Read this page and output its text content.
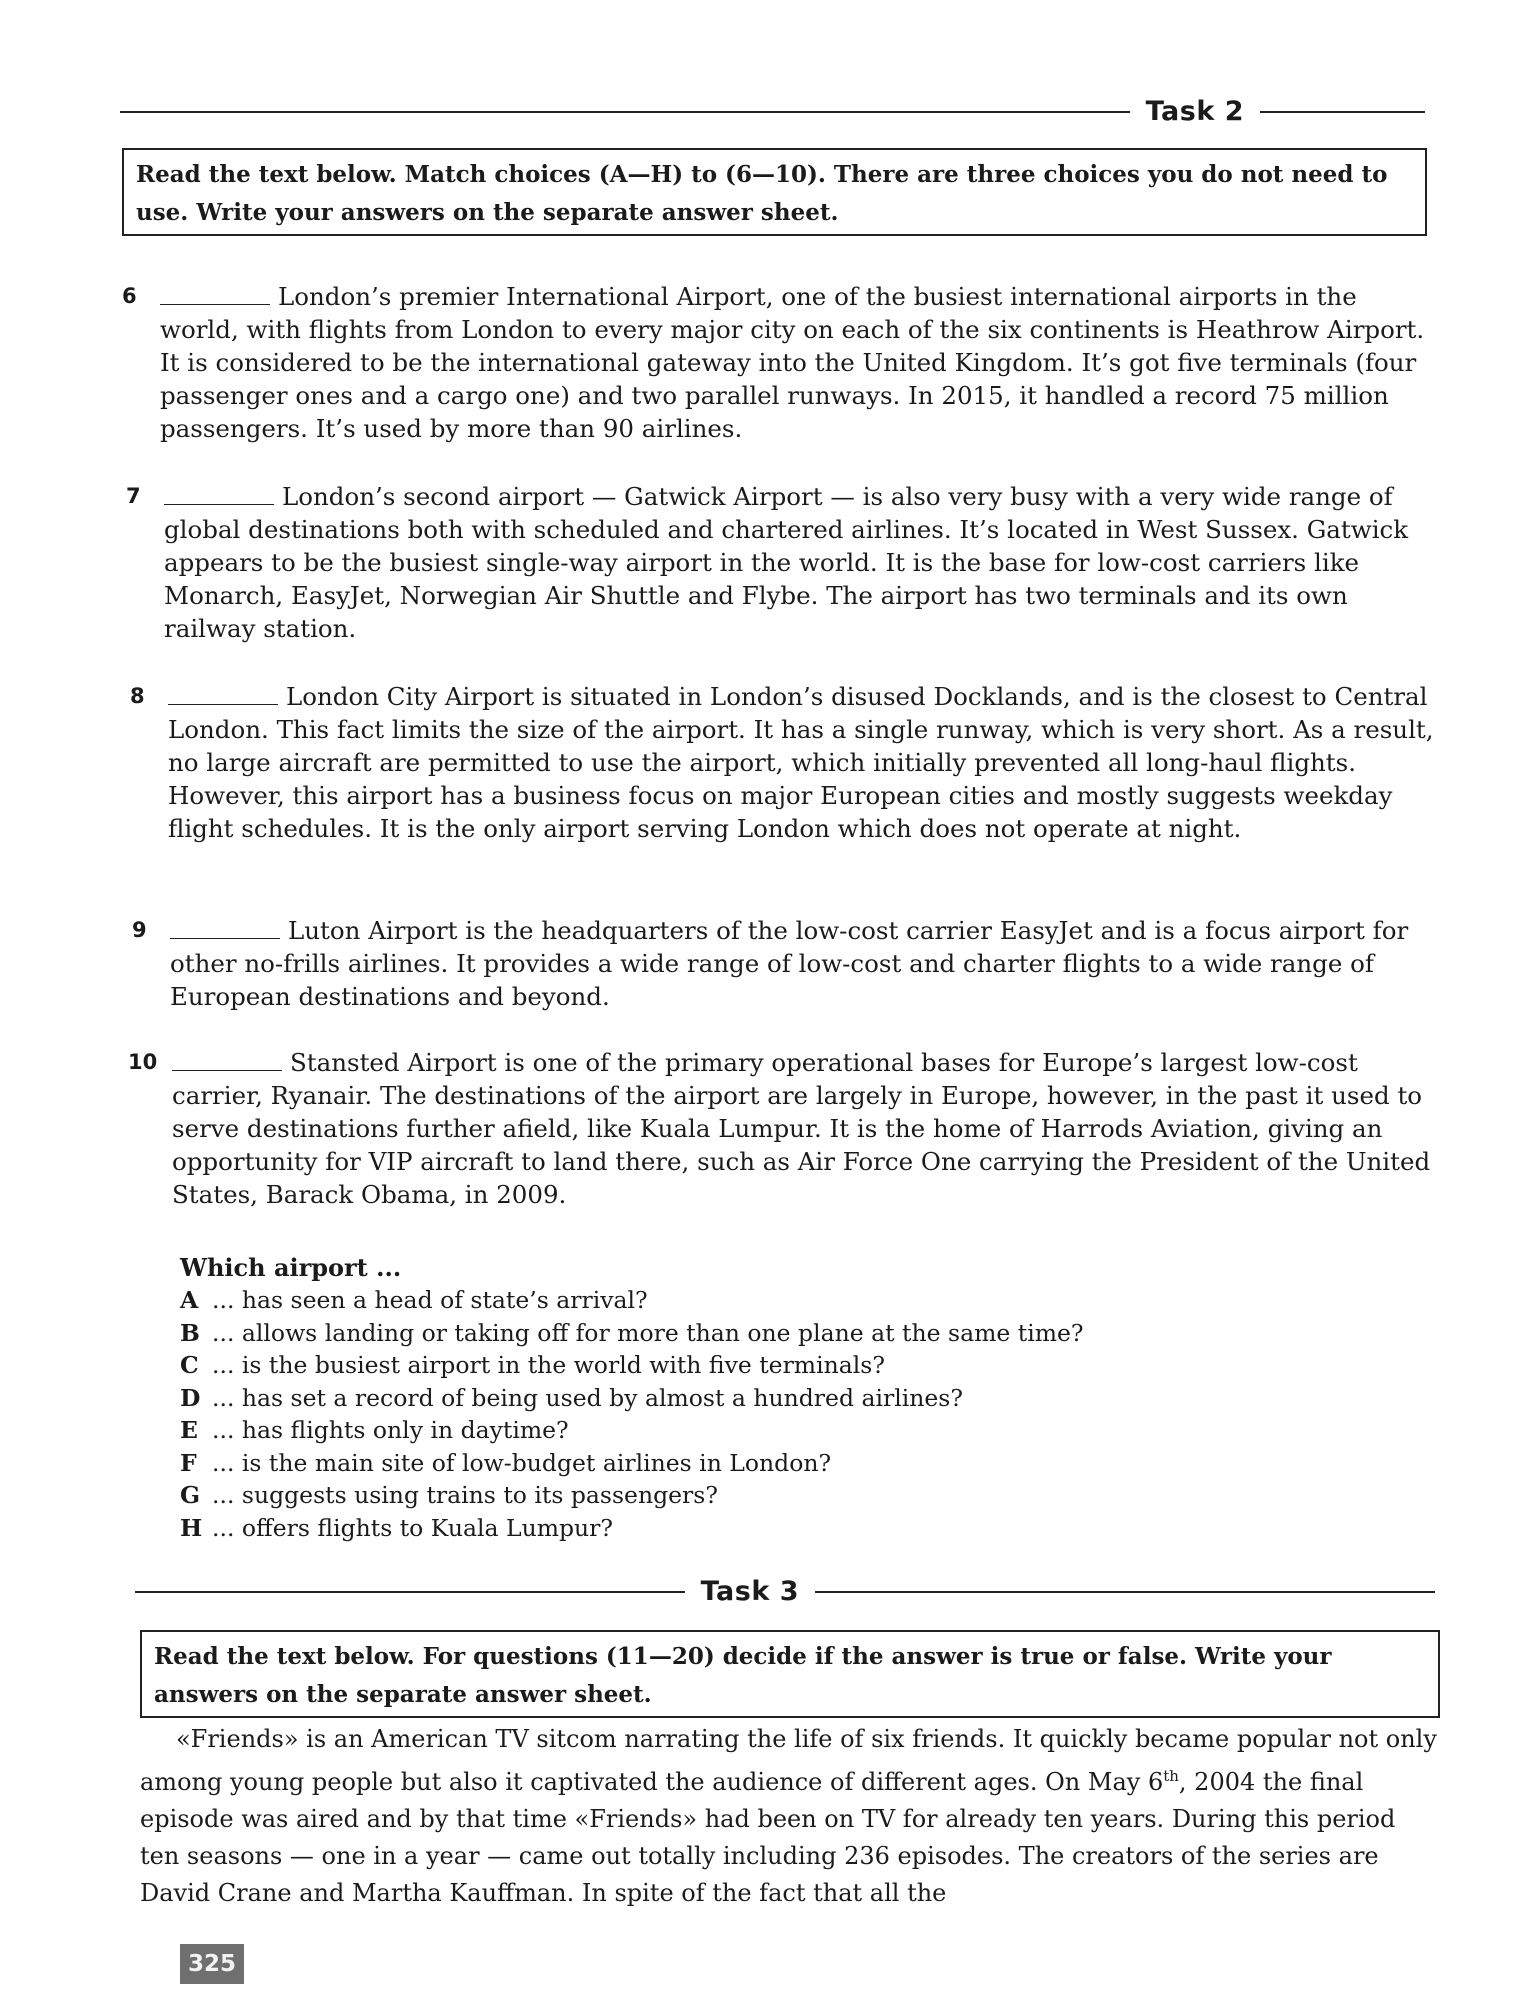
Task 2
Read the text below. Match choices (A—H) to (6—10). There are three choices you do not need to use. Write your answers on the separate answer sheet.
6	London’s premier International Airport, one of the busiest international airports in the world, with flights from London to every major city on each of the six continents is Heathrow Airport. It is considered to be the international gateway into the United Kingdom. It’s got five terminals (four passenger ones and a cargo one) and two parallel runways. In 2015, it handled a record 75 million passengers. It’s used by more than 90 airlines.
7	London’s second airport — Gatwick Airport — is also very busy with a very wide range of global destinations both with scheduled and chartered airlines. It’s located in West Sussex. Gatwick appears to be the busiest single-way airport in the world. It is the base for low-cost carriers like Monarch, EasyJet, Norwegian Air Shuttle and Flybe. The airport has two terminals and its own railway station.
8	London City Airport is situated in London’s disused Docklands, and is the closest to Central London. This fact limits the size of the airport. It has a single runway, which is very short. As a result, no large aircraft are permitted to use the airport, which initially prevented all long-haul flights. However, this airport has a business focus on major European cities and mostly suggests weekday flight schedules. It is the only airport serving London which does not operate at night.
9	Luton Airport is the headquarters of the low-cost carrier EasyJet and is a focus airport for other no-frills airlines. It provides a wide range of low-cost and charter flights to a wide range of European destinations and beyond.
10	Stansted Airport is one of the primary operational bases for Europe’s largest low-cost carrier, Ryanair. The destinations of the airport are largely in Europe, however, in the past it used to serve destinations further afield, like Kuala Lumpur. It is the home of Harrods Aviation, giving an opportunity for VIP aircraft to land there, such as Air Force One carrying the President of the United States, Barack Obama, in 2009.
Which airport ...
A ... has seen a head of state’s arrival?
B ... allows landing or taking off for more than one plane at the same time?
C ... is the busiest airport in the world with five terminals?
D ... has set a record of being used by almost a hundred airlines?
E ... has flights only in daytime?
F ... is the main site of low-budget airlines in London?
G ... suggests using trains to its passengers?
H ... offers flights to Kuala Lumpur?
Task 3
Read the text below. For questions (11—20) decide if the answer is true or false. Write your answers on the separate answer sheet.
«Friends» is an American TV sitcom narrating the life of six friends. It quickly became popular not only among young people but also it captivated the audience of different ages. On May 6th, 2004 the final episode was aired and by that time «Friends» had been on TV for already ten years. During this period ten seasons — one in a year — came out totally including 236 episodes. The creators of the series are David Crane and Martha Kauffman. In spite of the fact that all the
325
